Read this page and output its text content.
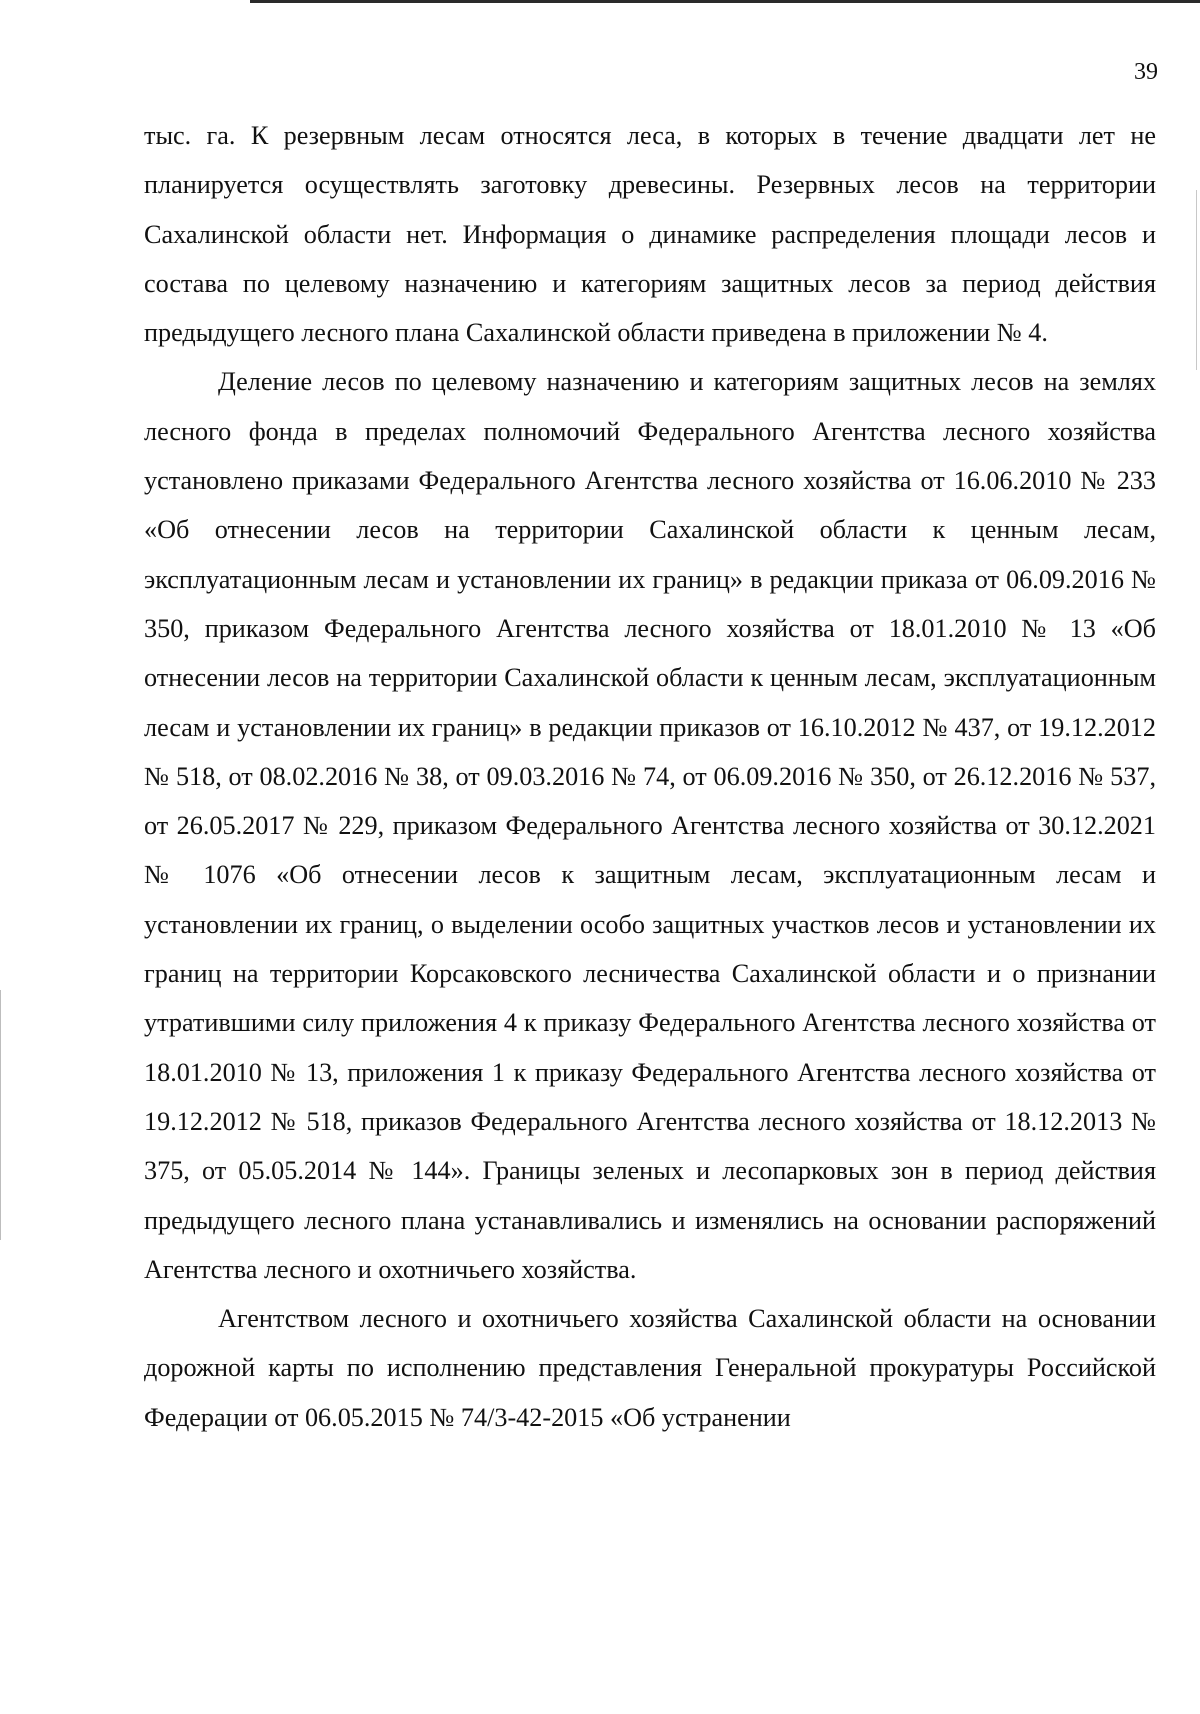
39

тыс. га. К резервным лесам относятся леса, в которых в течение двадцати лет не планируется осуществлять заготовку древесины. Резервных лесов на территории Сахалинской области нет. Информация о динамике распределения площади лесов и состава по целевому назначению и категориям защитных лесов за период действия предыдущего лесного плана Сахалинской области приведена в приложении № 4.

Деление лесов по целевому назначению и категориям защитных лесов на землях лесного фонда в пределах полномочий Федерального Агентства лесного хозяйства установлено приказами Федерального Агентства лесного хозяйства от 16.06.2010 № 233 «Об отнесении лесов на территории Сахалинской области к ценным лесам, эксплуатационным лесам и установлении их границ» в редакции приказа от 06.09.2016 № 350, приказом Федерального Агентства лесного хозяйства от 18.01.2010 № 13 «Об отнесении лесов на территории Сахалинской области к ценным лесам, эксплуатационным лесам и установлении их границ» в редакции приказов от 16.10.2012 № 437, от 19.12.2012 № 518, от 08.02.2016 № 38, от 09.03.2016 № 74, от 06.09.2016 № 350, от 26.12.2016 № 537, от 26.05.2017 № 229, приказом Федерального Агентства лесного хозяйства от 30.12.2021 № 1076 «Об отнесении лесов к защитным лесам, эксплуатационным лесам и установлении их границ, о выделении особо защитных участков лесов и установлении их границ на территории Корсаковского лесничества Сахалинской области и о признании утратившими силу приложения 4 к приказу Федерального Агентства лесного хозяйства от 18.01.2010 № 13, приложения 1 к приказу Федерального Агентства лесного хозяйства от 19.12.2012 № 518, приказов Федерального Агентства лесного хозяйства от 18.12.2013 № 375, от 05.05.2014 № 144». Границы зеленых и лесопарковых зон в период действия предыдущего лесного плана устанавливались и изменялись на основании распоряжений Агентства лесного и охотничьего хозяйства.

Агентством лесного и охотничьего хозяйства Сахалинской области на основании дорожной карты по исполнению представления Генеральной прокуратуры Российской Федерации от 06.05.2015 № 74/3-42-2015 «Об устранении
